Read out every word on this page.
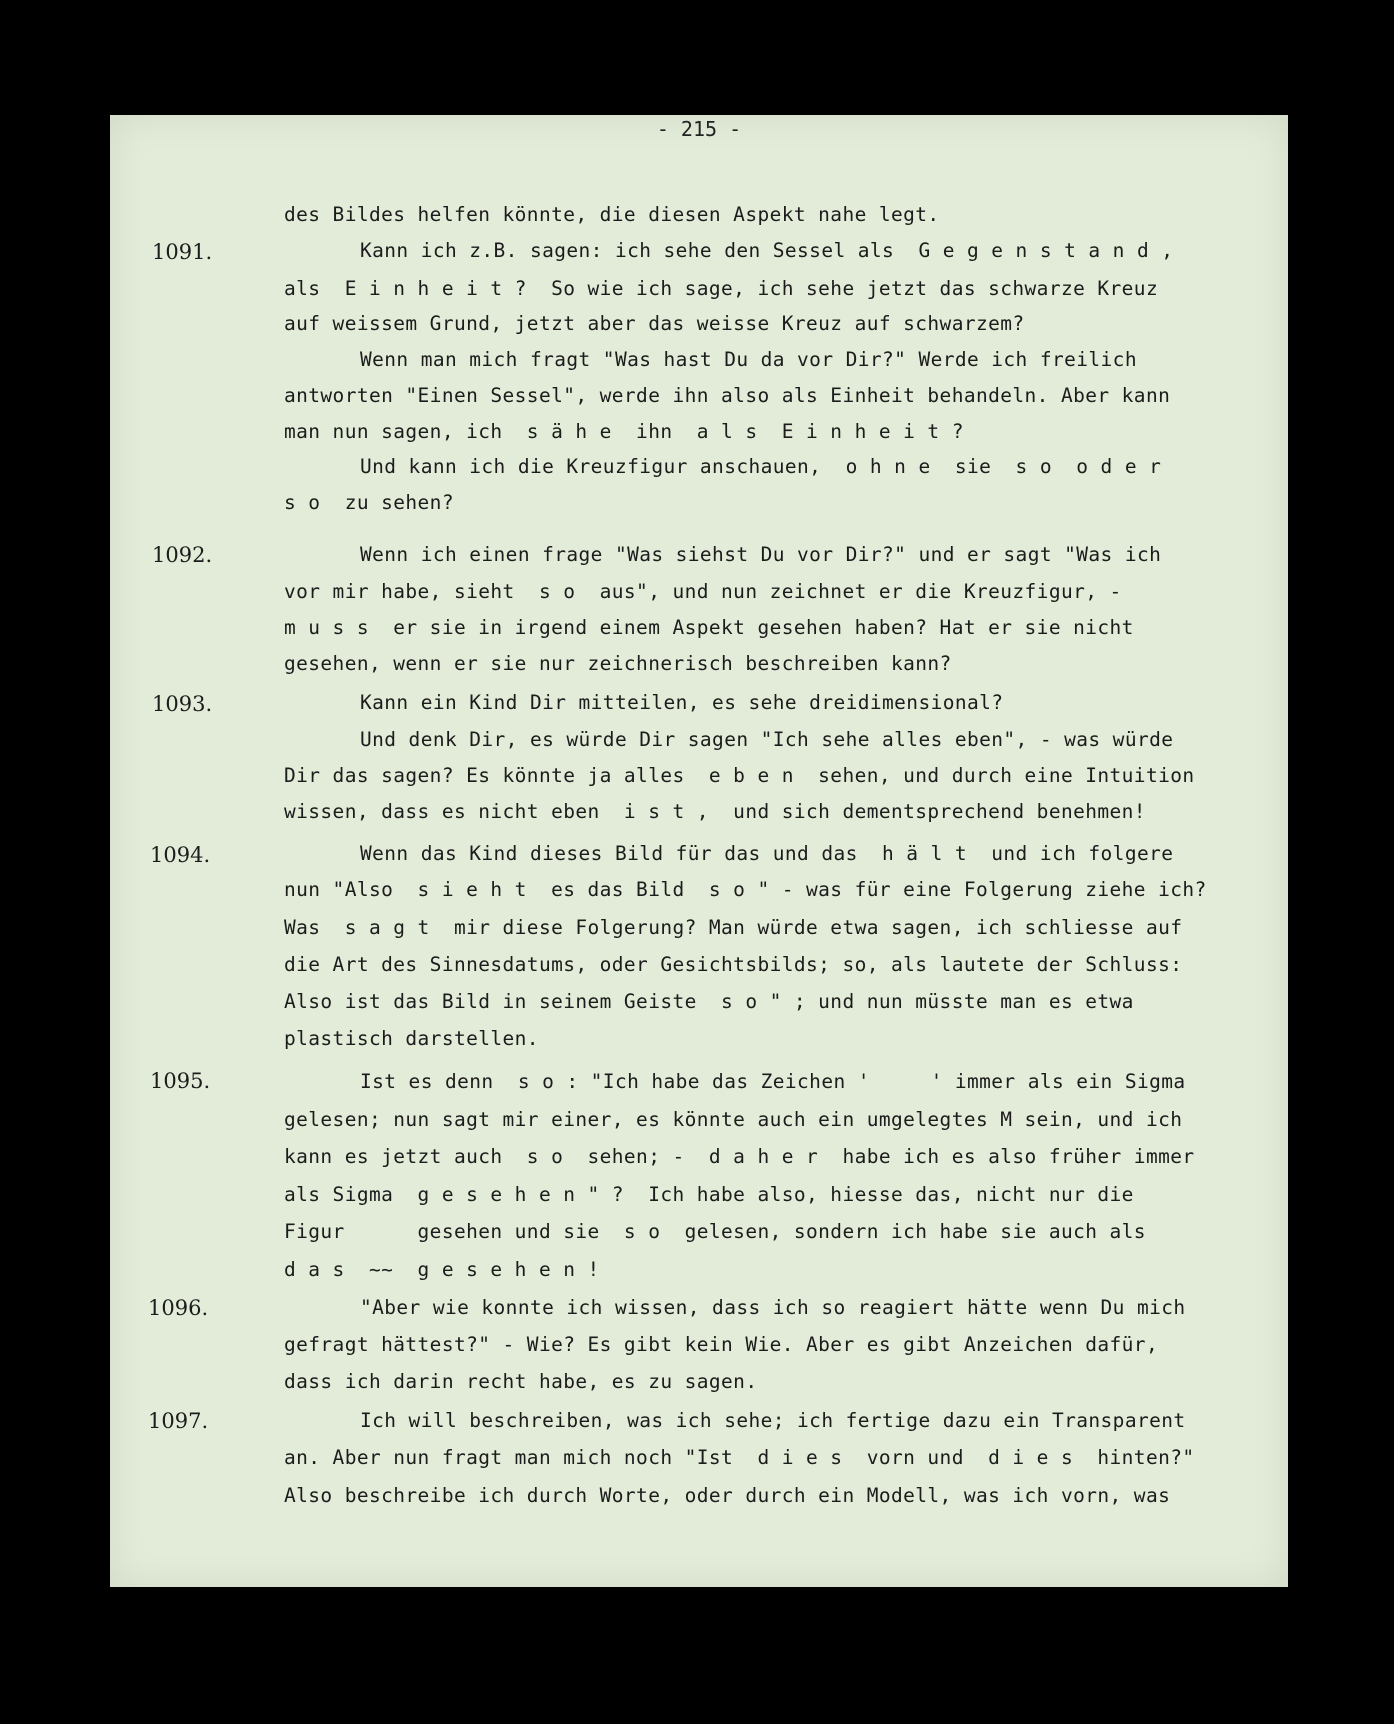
- 215 -
1091.
1092.
1093.
1094.
1095.
1096.
1097.
des Bildes helfen könnte, die diesen Aspekt nahe legt.
Kann ich z.B. sagen: ich sehe den Sessel als  G e g e n s t a n d ,
als  E i n h e i t ?  So wie ich sage, ich sehe jetzt das schwarze Kreuz
auf weissem Grund, jetzt aber das weisse Kreuz auf schwarzem?
Wenn man mich fragt "Was hast Du da vor Dir?" Werde ich freilich
antworten "Einen Sessel", werde ihn also als Einheit behandeln. Aber kann
man nun sagen, ich  s ä h e  ihn  a l s  E i n h e i t ?
Und kann ich die Kreuzfigur anschauen,  o h n e  sie  s o  o d e r
s o  zu sehen?
Wenn ich einen frage "Was siehst Du vor Dir?" und er sagt "Was ich
vor mir habe, sieht  s o  aus", und nun zeichnet er die Kreuzfigur, -
m u s s  er sie in irgend einem Aspekt gesehen haben? Hat er sie nicht
gesehen, wenn er sie nur zeichnerisch beschreiben kann?
Kann ein Kind Dir mitteilen, es sehe dreidimensional?
Und denk Dir, es würde Dir sagen "Ich sehe alles eben", - was würde
Dir das sagen? Es könnte ja alles  e b e n  sehen, und durch eine Intuition
wissen, dass es nicht eben  i s t ,  und sich dementsprechend benehmen!
Wenn das Kind dieses Bild für das und das  h ä l t  und ich folgere
nun "Also  s i e h t  es das Bild  s o " - was für eine Folgerung ziehe ich?
Was  s a g t  mir diese Folgerung? Man würde etwa sagen, ich schliesse auf
die Art des Sinnesdatums, oder Gesichtsbilds; so, als lautete der Schluss:
Also ist das Bild in seinem Geiste  s o " ; und nun müsste man es etwa
plastisch darstellen.
Ist es denn  s o : "Ich habe das Zeichen '     ' immer als ein Sigma
gelesen; nun sagt mir einer, es könnte auch ein umgelegtes M sein, und ich
kann es jetzt auch  s o  sehen; -  d a h e r  habe ich es also früher immer
als Sigma  g e s e h e n " ?  Ich habe also, hiesse das, nicht nur die
Figur      gesehen und sie  s o  gelesen, sondern ich habe sie auch als
d a s  ~~  g e s e h e n !
"Aber wie konnte ich wissen, dass ich so reagiert hätte wenn Du mich
gefragt hättest?" - Wie? Es gibt kein Wie. Aber es gibt Anzeichen dafür,
dass ich darin recht habe, es zu sagen.
Ich will beschreiben, was ich sehe; ich fertige dazu ein Transparent
an. Aber nun fragt man mich noch "Ist  d i e s  vorn und  d i e s  hinten?"
Also beschreibe ich durch Worte, oder durch ein Modell, was ich vorn, was
